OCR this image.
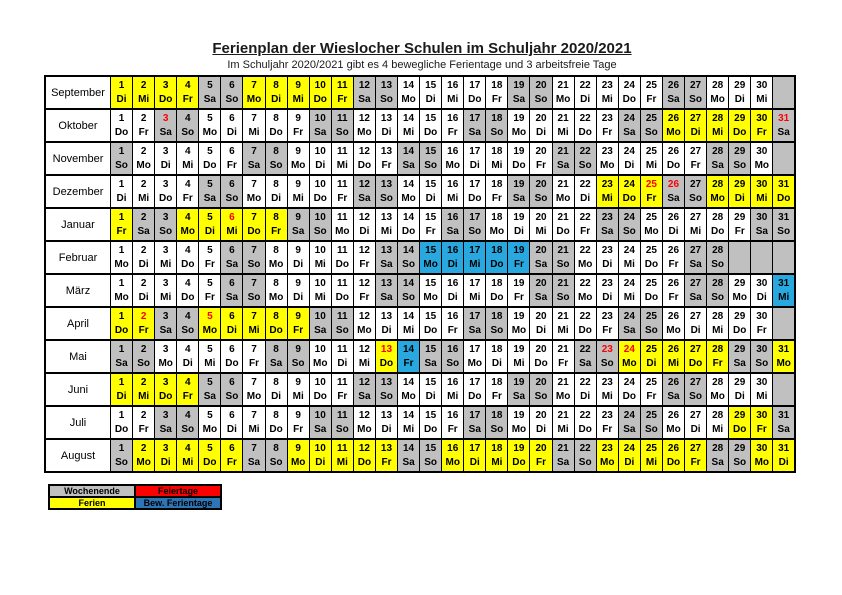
Ferienplan der Wieslocher Schulen im Schuljahr 2020/2021
Im Schuljahr 2020/2021 gibt es 4 bewegliche Ferientage und 3 arbeitsfreie Tage
September	
1
Di

2
Mi

3
Do

4
Fr

5
Sa

6
So

7
Mo

8
Di

9
Mi

10
Do

11
Fr

12
Sa

13
So

14
Mo

15
Di

16
Mi

17
Do

18
Fr

19
Sa

20
So

21
Mo

22
Di

23
Mi

24
Do

25
Fr

26
Sa

27
So

28
Mo

29
Di

30
Mi

Oktober	
1
Do

2
Fr

3
Sa

4
So

5
Mo

6
Di

7
Mi

8
Do

9
Fr

10
Sa

11
So

12
Mo

13
Di

14
Mi

15
Do

16
Fr

17
Sa

18
So

19
Mo

20
Di

21
Mi

22
Do

23
Fr

24
Sa

25
So

26
Mo

27
Di

28
Mi

29
Do

30
Fr

31
Sa

November	
1
So

2
Mo

3
Di

4
Mi

5
Do

6
Fr

7
Sa

8
So

9
Mo

10
Di

11
Mi

12
Do

13
Fr

14
Sa

15
So

16
Mo

17
Di

18
Mi

19
Do

20
Fr

21
Sa

22
So

23
Mo

24
Di

25
Mi

26
Do

27
Fr

28
Sa

29
So

30
Mo

Dezember	
1
Di

2
Mi

3
Do

4
Fr

5
Sa

6
So

7
Mo

8
Di

9
Mi

10
Do

11
Fr

12
Sa

13
So

14
Mo

15
Di

16
Mi

17
Do

18
Fr

19
Sa

20
So

21
Mo

22
Di

23
Mi

24
Do

25
Fr

26
Sa

27
So

28
Mo

29
Di

30
Mi

31
Do

Januar	
1
Fr

2
Sa

3
So

4
Mo

5
Di

6
Mi

7
Do

8
Fr

9
Sa

10
So

11
Mo

12
Di

13
Mi

14
Do

15
Fr

16
Sa

17
So

18
Mo

19
Di

20
Mi

21
Do

22
Fr

23
Sa

24
So

25
Mo

26
Di

27
Mi

28
Do

29
Fr

30
Sa

31
So

Februar	
1
Mo

2
Di

3
Mi

4
Do

5
Fr

6
Sa

7
So

8
Mo

9
Di

10
Mi

11
Do

12
Fr

13
Sa

14
So

15
Mo

16
Di

17
Mi

18
Do

19
Fr

20
Sa

21
So

22
Mo

23
Di

24
Mi

25
Do

26
Fr

27
Sa

28
So

März	
1
Mo

2
Di

3
Mi

4
Do

5
Fr

6
Sa

7
So

8
Mo

9
Di

10
Mi

11
Do

12
Fr

13
Sa

14
So

15
Mo

16
Di

17
Mi

18
Do

19
Fr

20
Sa

21
So

22
Mo

23
Di

24
Mi

25
Do

26
Fr

27
Sa

28
So

29
Mo

30
Di

31
Mi

April	
1
Do

2
Fr

3
Sa

4
So

5
Mo

6
Di

7
Mi

8
Do

9
Fr

10
Sa

11
So

12
Mo

13
Di

14
Mi

15
Do

16
Fr

17
Sa

18
So

19
Mo

20
Di

21
Mi

22
Do

23
Fr

24
Sa

25
So

26
Mo

27
Di

28
Mi

29
Do

30
Fr

Mai	
1
Sa

2
So

3
Mo

4
Di

5
Mi

6
Do

7
Fr

8
Sa

9
So

10
Mo

11
Di

12
Mi

13
Do

14
Fr

15
Sa

16
So

17
Mo

18
Di

19
Mi

20
Do

21
Fr

22
Sa

23
So

24
Mo

25
Di

26
Mi

27
Do

28
Fr

29
Sa

30
So

31
Mo

Juni	
1
Di

2
Mi

3
Do

4
Fr

5
Sa

6
So

7
Mo

8
Di

9
Mi

10
Do

11
Fr

12
Sa

13
So

14
Mo

15
Di

16
Mi

17
Do

18
Fr

19
Sa

20
So

21
Mo

22
Di

23
Mi

24
Do

25
Fr

26
Sa

27
So

28
Mo

29
Di

30
Mi

Juli	
1
Do

2
Fr

3
Sa

4
So

5
Mo

6
Di

7
Mi

8
Do

9
Fr

10
Sa

11
So

12
Mo

13
Di

14
Mi

15
Do

16
Fr

17
Sa

18
So

19
Mo

20
Di

21
Mi

22
Do

23
Fr

24
Sa

25
So

26
Mo

27
Di

28
Mi

29
Do

30
Fr

31
Sa

August	
1
So

2
Mo

3
Di

4
Mi

5
Do

6
Fr

7
Sa

8
So

9
Mo

10
Di

11
Mi

12
Do

13
Fr

14
Sa

15
So

16
Mo

17
Di

18
Mi

19
Do

20
Fr

21
Sa

22
So

23
Mo

24
Di

25
Mi

26
Do

27
Fr

28
Sa

29
So

30
Mo

31
Di
Wochenende	Feiertage
Ferien	Bew. Ferientage
